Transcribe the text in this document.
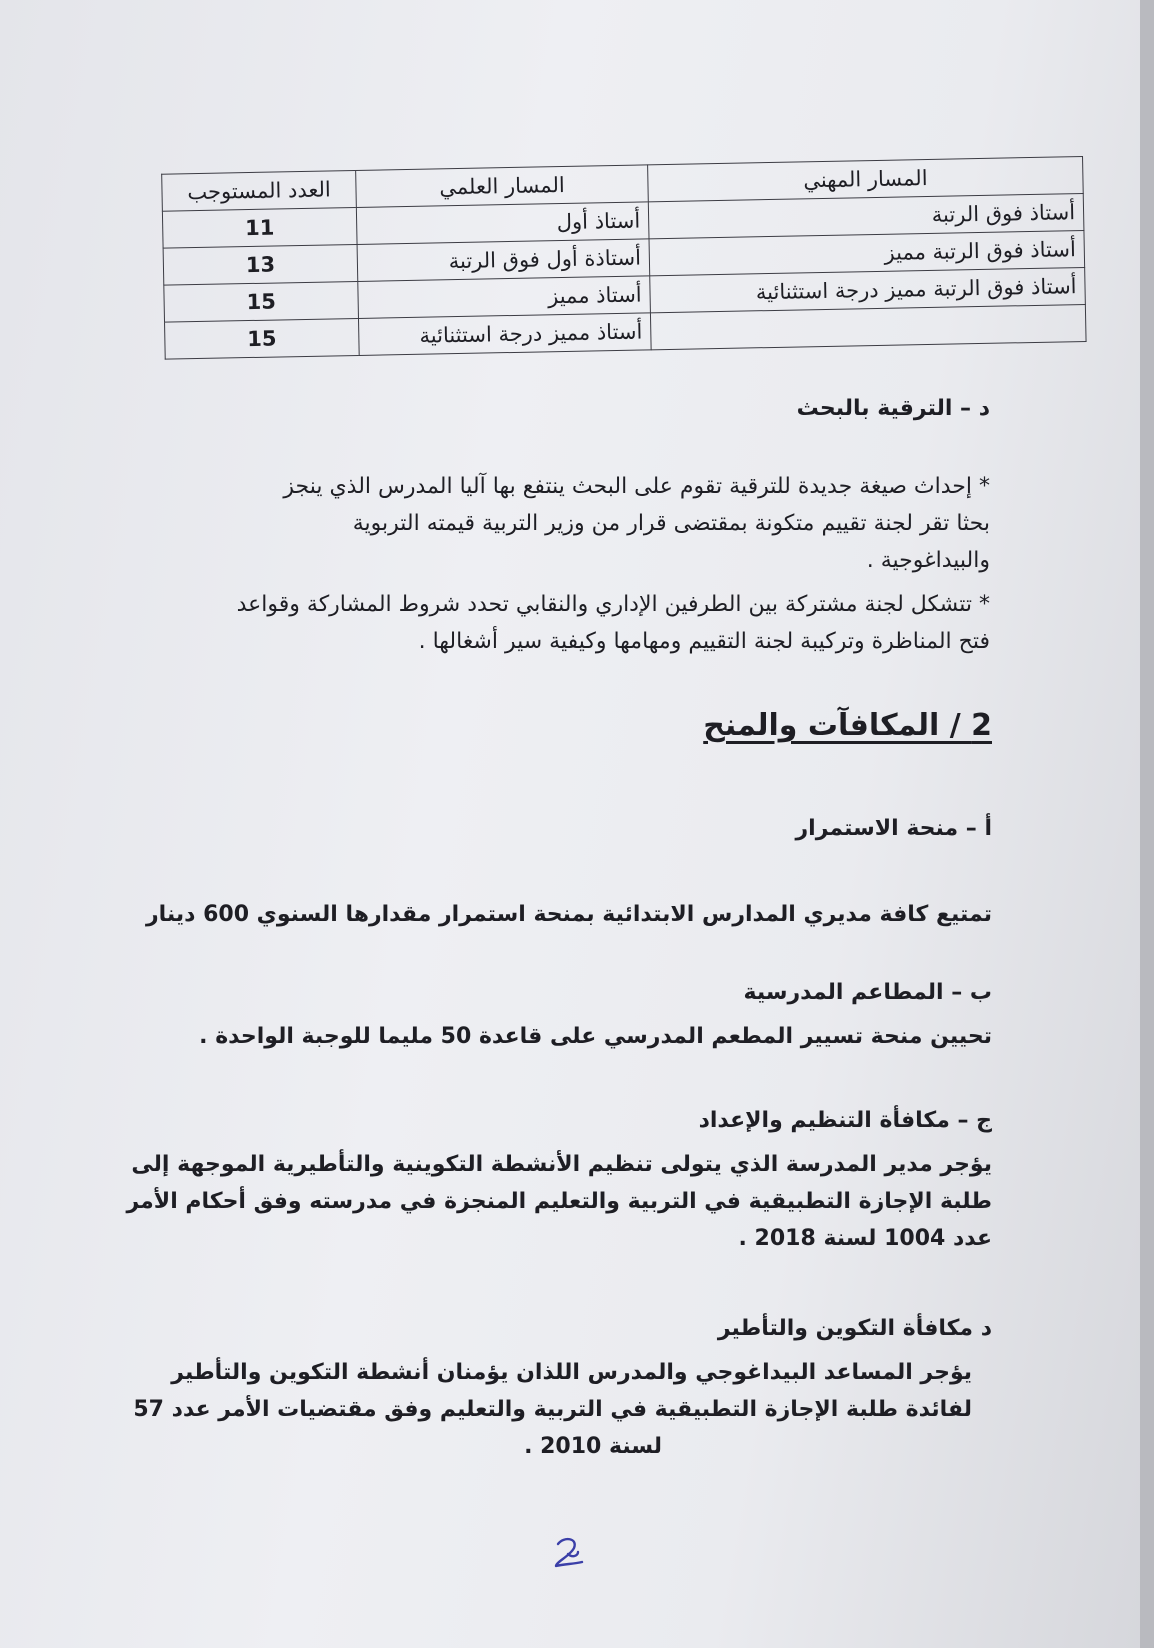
المسار المهني	المسار العلمي	العدد المستوجب
أستاذ فوق الرتبة	أستاذ أول	11
أستاذ فوق الرتبة مميز	أستاذة أول فوق الرتبة	13
أستاذ فوق الرتبة مميز درجة استثنائية	أستاذ مميز	15
	أستاذ مميز درجة استثنائية	15
د – الترقية بالبحث
* إحداث صيغة جديدة للترقية تقوم على البحث ينتفع بها آليا المدرس الذي ينجز
بحثا تقر لجنة تقييم متكونة بمقتضى قرار من وزير التربية قيمته التربوية
والبيداغوجية .
* تتشكل لجنة مشتركة بين الطرفين الإداري والنقابي تحدد شروط المشاركة وقواعد
فتح المناظرة وتركيبة لجنة التقييم ومهامها وكيفية سير أشغالها .
2 / المكافآت والمنح
أ – منحة الاستمرار
تمتيع كافة مديري المدارس الابتدائية بمنحة استمرار مقدارها السنوي 600 دينار
ب – المطاعم المدرسية
تحيين منحة تسيير المطعم المدرسي على قاعدة 50 مليما للوجبة الواحدة .
ج – مكافأة التنظيم والإعداد
يؤجر مدير المدرسة الذي يتولى تنظيم الأنشطة التكوينية والتأطيرية الموجهة إلى
طلبة الإجازة التطبيقية في التربية والتعليم المنجزة في مدرسته وفق أحكام الأمر
عدد 1004 لسنة 2018 .
د مكافأة التكوين والتأطير
يؤجر المساعد البيداغوجي والمدرس اللذان يؤمنان أنشطة التكوين والتأطير
لفائدة طلبة الإجازة التطبيقية في التربية والتعليم وفق مقتضيات الأمر عدد 57
لسنة 2010 .
